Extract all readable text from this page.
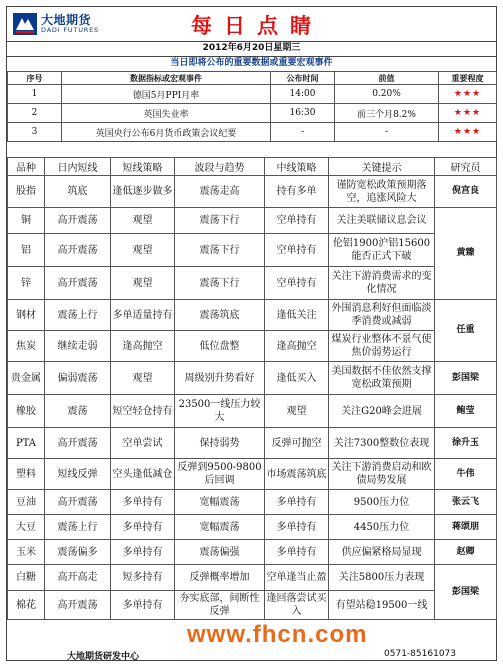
大地期货
DADI FUTURES	每日点睛
2012年6月20日星期三
当日即将公布的重要数据或重要宏观事件
序号	数据指标或宏观事件	公布时间	前值	重要程度
1	德国5月PPI月率	14:00	0.20%	★★★
2	英国失业率	16:30	前三个月8.2%	★★★
3	英国央行公布6月货币政策会议纪要	-	-	★★★
品种	日内短线	短线策略	波段与趋势	中线策略	关键提示	研究员
股指	筑底	逢低逐步做多	震荡走高	持有多单	谨防宽松政策预期落空，追涨风险大	倪宫良
铜	高开震荡	观望	震荡下行	空单持有	关注美联储议息会议	黄臻
铝	高开震荡	观望	震荡下行	空单持有	伦铝1900沪铝15600能否正式下破	
锌	高开震荡	观望	震荡下行	空单持有	关注下游消费需求的变化情况	
钢材	震荡上行	多单适量持有	震荡筑底	逢低关注	外围消息利好但面临淡季消费或减弱	任重
焦炭	继续走弱	逢高抛空	低位盘整	逢高抛空	煤炭行业整体不景气使焦价弱势运行	
贵金属	偏弱震荡	观望	周级别升势看好	逢低买入	美国数据不佳依然支撑宽松政策预期	彭国梁
橡胶	震荡	短空轻仓持有	23500一线压力较大	观望	关注G20峰会进展	鲍莹
PTA	高开震荡	空单尝试	保持弱势	反弹可抛空	关注7300整数位表现	徐升玉
塑料	短线反弹	空头逢低减仓	反弹到9500-9800后回调	市场震荡筑底	关注下游消费启动和欧债局势发展	牛伟
豆油	高开震荡	多单持有	宽幅震荡	多单持有	9500压力位	张云飞
大豆	震荡上行	多单持有	宽幅震荡	多单持有	4450压力位	蒋颂朋
玉米	震荡偏多	多单持有	震荡偏强	多单持有	供应偏紧格局显现	赵卿
白糖	高开高走	短多持有	反弹概率增加	空单逢当止盈	关注5800压力表现	彭国梁
棉花	高开震荡	多单持有	夯实底部，间断性反弹	逢回落尝试买入	有望站稳19500一线	
www.fhcn.com
大地期货研发中心	0571-85161073
